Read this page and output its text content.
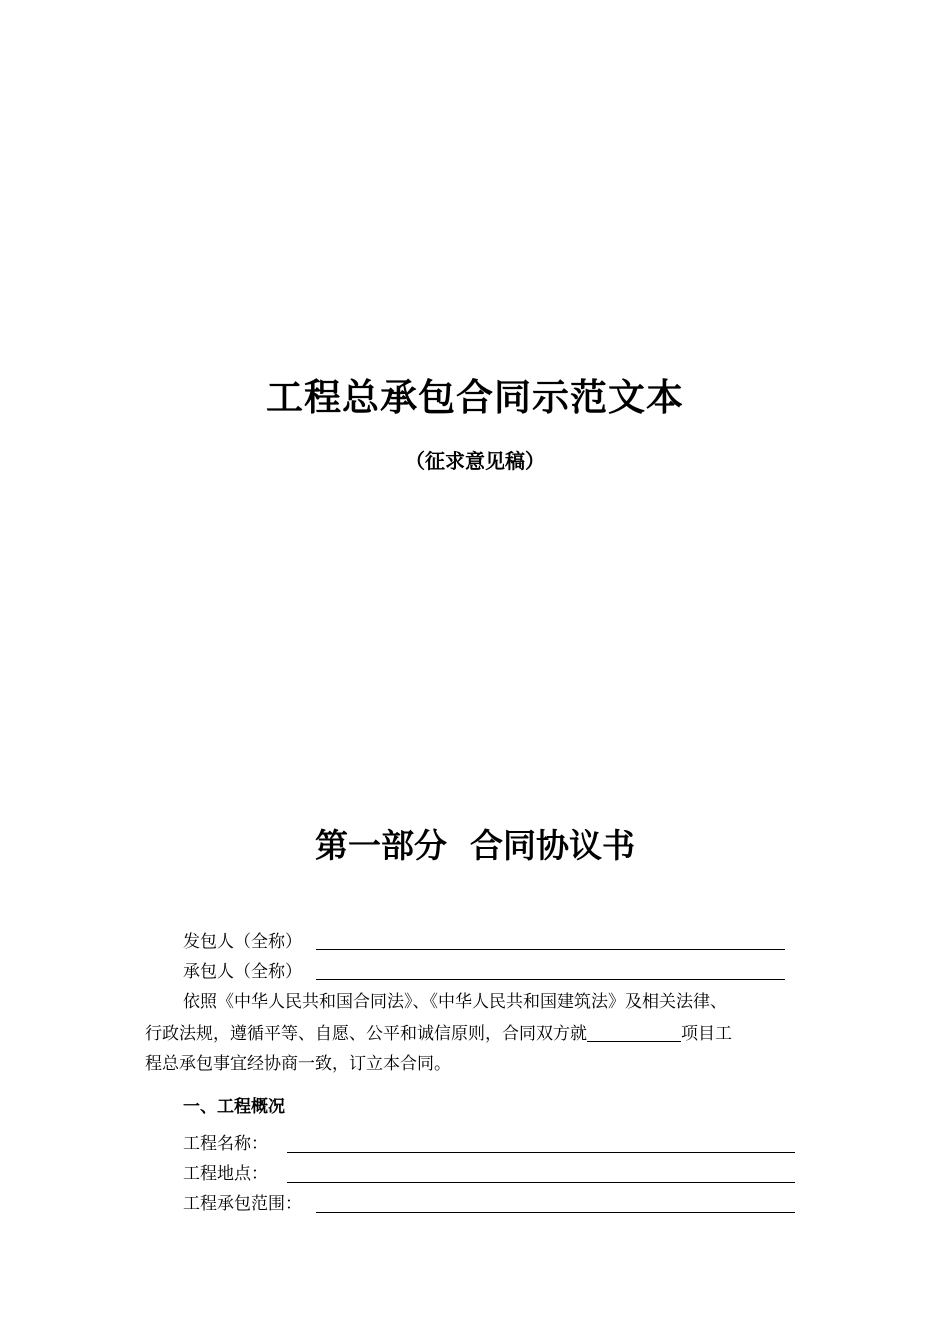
工程总承包合同示范文本
（征求意见稿）
第一部分  合同协议书
发包人（全称）
承包人（全称）
依照《中华人民共和国合同法》、《中华人民共和国建筑法》及相关法律、
行政法规，遵循平等、自愿、公平和诚信原则，合同双方就	项目工
程总承包事宜经协商一致，订立本合同。
一、工程概况
工程名称：
工程地点：
工程承包范围：
